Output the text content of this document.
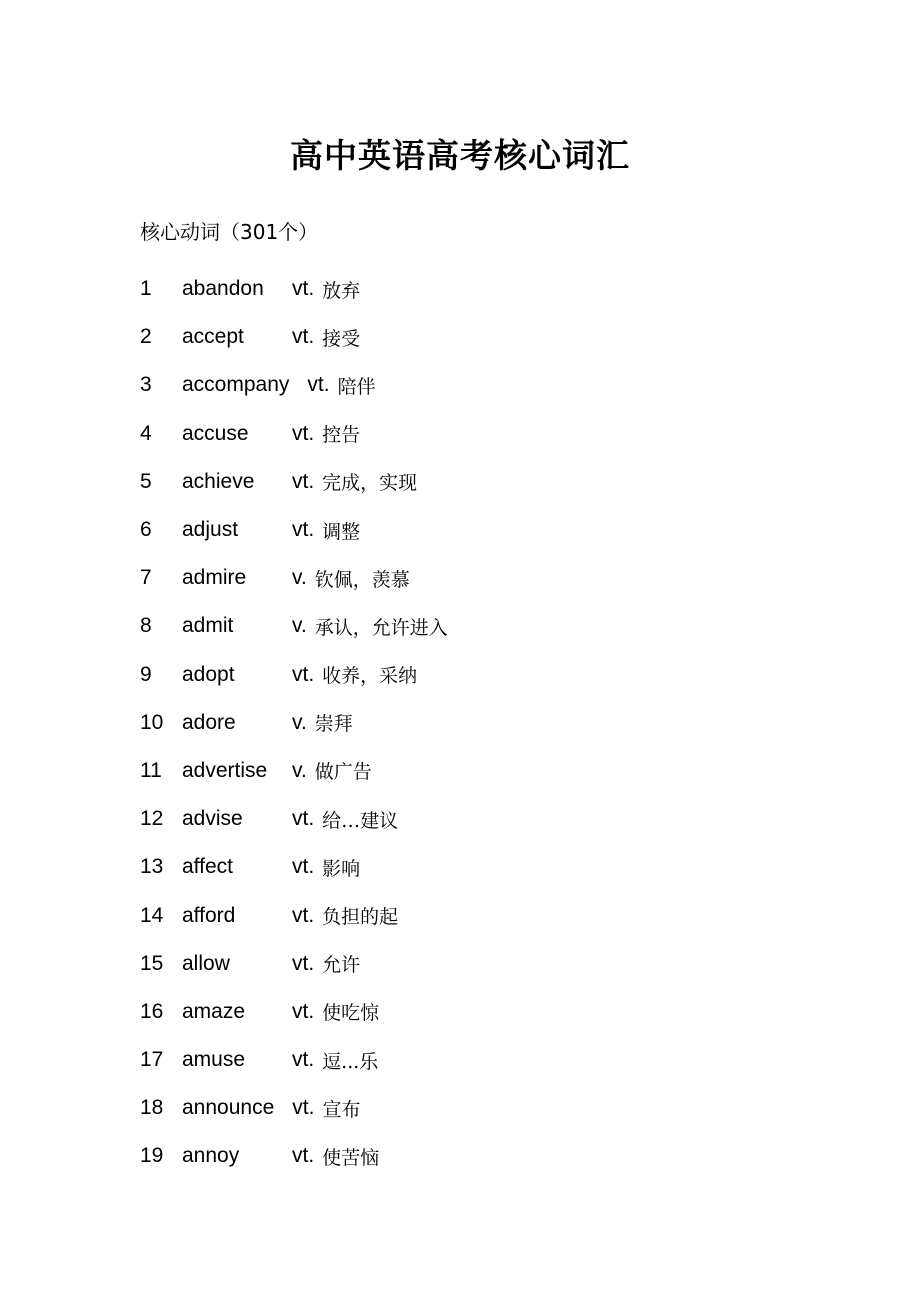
高中英语高考核心词汇
核心动词（301个）
1	abandon	vt. 放弃
2	accept	vt. 接受
3	accompany vt. 陪伴
4	accuse	vt. 控告
5	achieve	vt. 完成，实现
6	adjust	vt. 调整
7	admire	v. 钦佩，羡慕
8	admit	v. 承认，允许进入
9	adopt	vt. 收养，采纳
10 adore	v. 崇拜
11 advertise	v. 做广告
12 advise	vt. 给…建议
13 affect	vt. 影响
14 afford	vt. 负担的起
15 allow	vt. 允许
16 amaze	vt. 使吃惊
17 amuse	vt. 逗...乐
18 announce vt. 宣布
19 annoy	vt. 使苦恼
